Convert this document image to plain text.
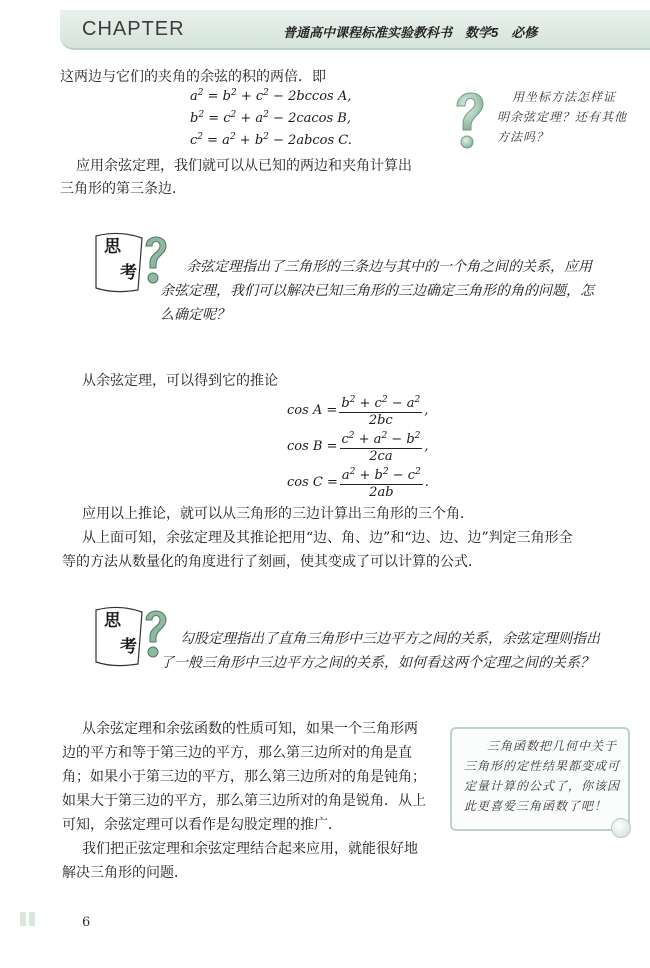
CHAPTER	普通高中课程标准实验教科书　数学5　必修
这两边与它们的夹角的余弦的积的两倍．即
$a^2 = b^2 + c^2 - 2bccos$ A,
$b^2 = c^2 + a^2 - 2cacos$ B,
$c^2 = a^2 + b^2 - 2abcos$ C.
应用余弦定理，我们就可以从已知的两边和夹角计算出
三角形的第三条边．
用坐标方法怎样证
明余弦定理？还有其他
方法吗？
思
考	余弦定理指出了三角形的三条边与其中的一个角之间的关系，应用
余弦定理，我们可以解决已知三角形的三边确定三角形的角的问题，怎
么确定呢？
从余弦定理，可以得到它的推论
$\cos A = \frac{b^2 + c^2 - a^2}{2bc}$ ,
$\cos B = \frac{c^2 + a^2 - b^2}{2ca}$ ,
$\cos C = \frac{a^2 + b^2 - c^2}{2ab}$ .
应用以上推论，就可以从三角形的三边计算出三角形的三个角．
从上面可知，余弦定理及其推论把用“边、角、边”和“边、边、边”判定三角形全
等的方法从数量化的角度进行了刻画，使其变成了可以计算的公式．
思
考	勾股定理指出了直角三角形中三边平方之间的关系，余弦定理则指出
了一般三角形中三边平方之间的关系，如何看这两个定理之间的关系？
从余弦定理和余弦函数的性质可知，如果一个三角形两
边的平方和等于第三边的平方，那么第三边所对的角是直
角；如果小于第三边的平方，那么第三边所对的角是钝角；
如果大于第三边的平方，那么第三边所对的角是锐角．从上
可知，余弦定理可以看作是勾股定理的推广．
我们把正弦定理和余弦定理结合起来应用，就能很好地
解决三角形的问题．
三角函数把几何中关于
三角形的定性结果都变成可
定量计算的公式了，你该因
此更喜爱三角函数了吧！
6
